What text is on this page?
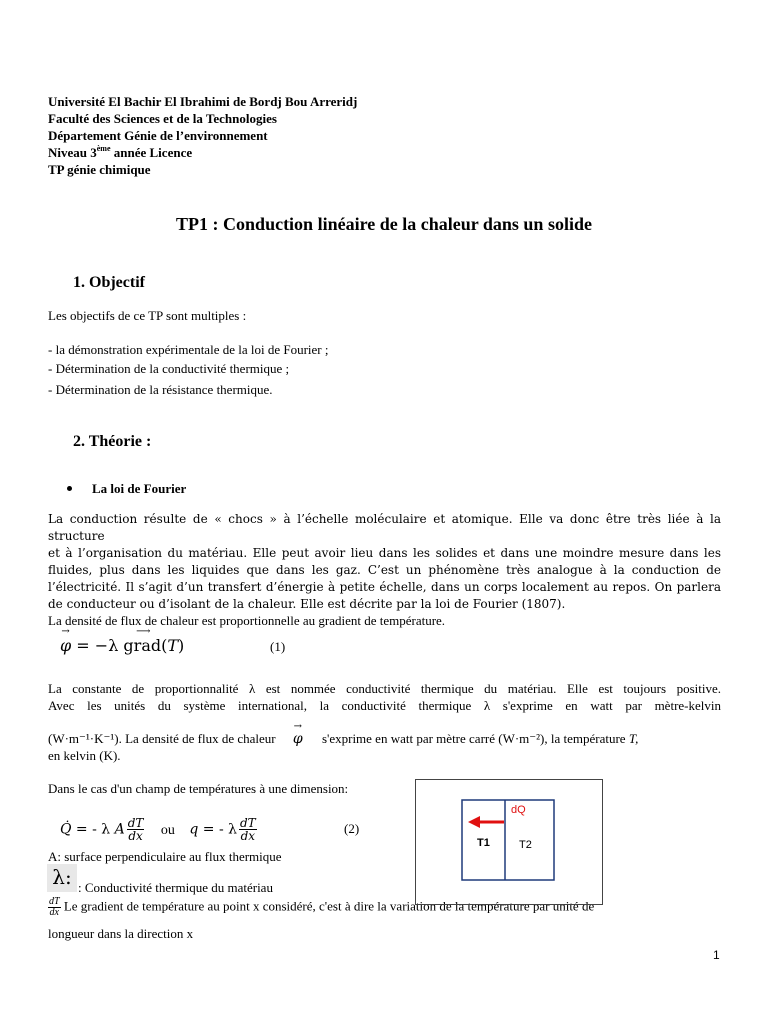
Université El Bachir El Ibrahimi de Bordj Bou Arreridj
Faculté des Sciences et de la Technologies
Département Génie de l’environnement
Niveau 3ème année Licence
TP génie chimique
TP1 : Conduction linéaire de la chaleur dans un solide
1. Objectif
Les objectifs de ce TP sont multiples :
- la démonstration expérimentale de la loi de Fourier ;
- Détermination de la conductivité thermique ;
- Détermination de la résistance thermique.
2. Théorie :
La loi de Fourier

La conduction résulte de « chocs » à l’échelle moléculaire et atomique. Elle va donc être très liée à la structure

et à l’organisation du matériau. Elle peut avoir lieu dans les solides et dans une moindre mesure dans les

fluides, plus dans les liquides que dans les gaz. C’est un phénomène très analogue à la conduction de

l’électricité. Il s’agit d’un transfert d’énergie à petite échelle, dans un corps localement au repos. On parlera

de conducteur ou d’isolant de la chaleur. Elle est décrite par la loi de Fourier (1807).

La densité de flux de chaleur est proportionnelle au gradient de température.
φ
→
= −λ grad
⟶
(T)	(1)

La constante de proportionnalité λ est nommée conductivité thermique du matériau. Elle est toujours positive.

Avec les unités du système international, la conductivité thermique λ s'exprime en watt par mètre-kelvin

(W·m⁻¹·K⁻¹). La densité de flux de chaleur φ
→
s'exprime en watt par mètre carré (W·m⁻²), la température T,
en kelvin (K).
Dans le cas d'un champ de températures à une dimension:
Q̇ = - λ A $\frac{dT}{dx}$ ou q = - λ $\frac{dT}{dx}$	(2)
A: surface perpendiculaire au flux thermique
λ: : Conductivité thermique du matériau
$\frac{dT}{dx}$ Le gradient de température au point x considéré, c'est à dire la variation de la température par unité de
longueur dans la direction x
dQ
T1	T2
1
